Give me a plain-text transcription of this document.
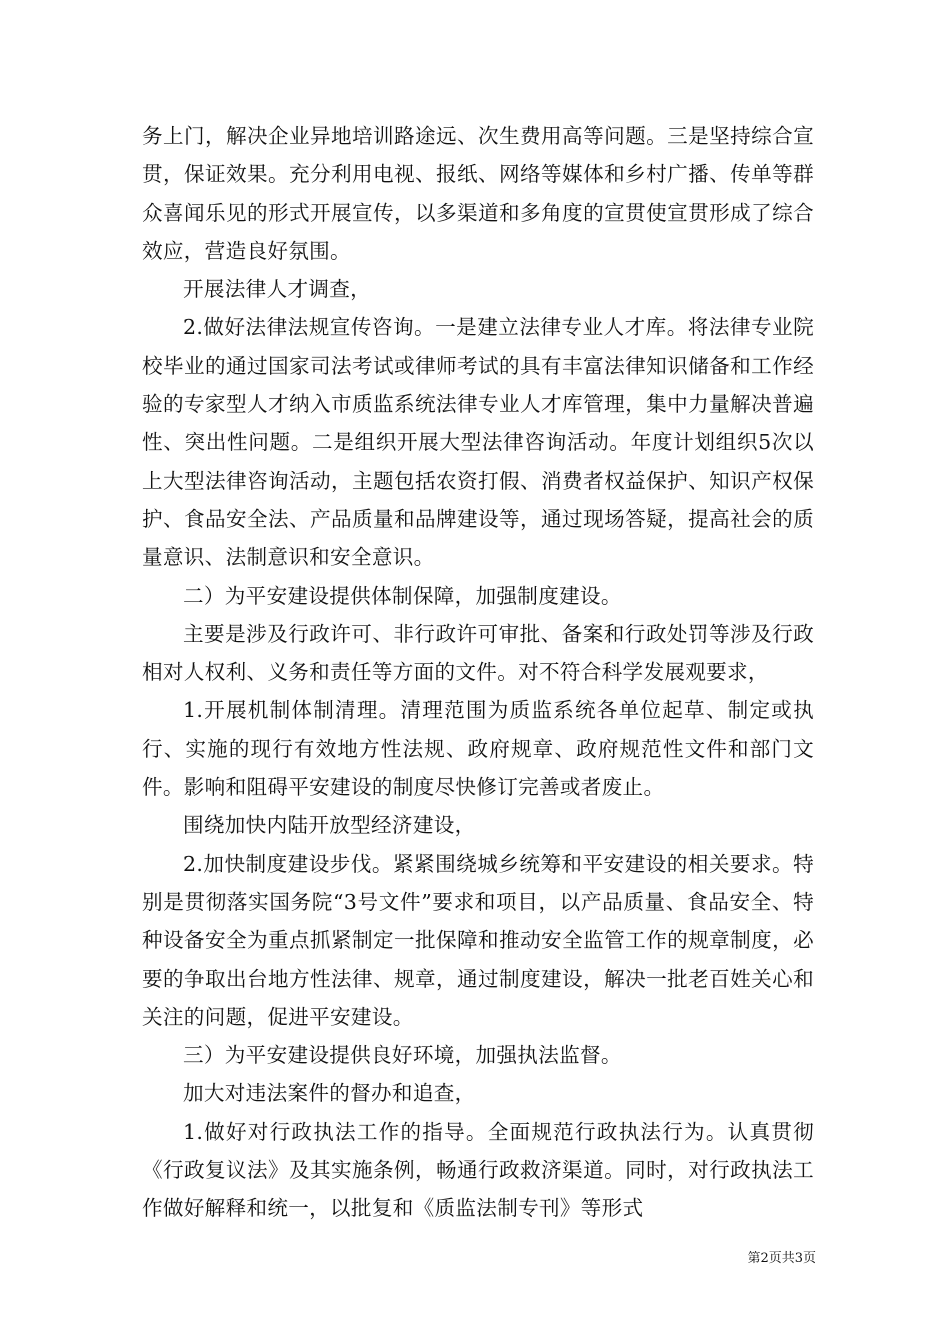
务上门，解决企业异地培训路途远、次生费用高等问题。三是坚持综合宣贯，保证效果。充分利用电视、报纸、网络等媒体和乡村广播、传单等群众喜闻乐见的形式开展宣传，以多渠道和多角度的宣贯使宣贯形成了综合效应，营造良好氛围。

开展法律人才调查，

2.做好法律法规宣传咨询。一是建立法律专业人才库。将法律专业院校毕业的通过国家司法考试或律师考试的具有丰富法律知识储备和工作经验的专家型人才纳入市质监系统法律专业人才库管理，集中力量解决普遍性、突出性问题。二是组织开展大型法律咨询活动。年度计划组织5次以上大型法律咨询活动，主题包括农资打假、消费者权益保护、知识产权保护、食品安全法、产品质量和品牌建设等，通过现场答疑，提高社会的质量意识、法制意识和安全意识。

二）为平安建设提供体制保障，加强制度建设。

主要是涉及行政许可、非行政许可审批、备案和行政处罚等涉及行政相对人权利、义务和责任等方面的文件。对不符合科学发展观要求，

1.开展机制体制清理。清理范围为质监系统各单位起草、制定或执行、实施的现行有效地方性法规、政府规章、政府规范性文件和部门文件。影响和阻碍平安建设的制度尽快修订完善或者废止。

围绕加快内陆开放型经济建设，

2.加快制度建设步伐。紧紧围绕城乡统筹和平安建设的相关要求。特别是贯彻落实国务院“3号文件”要求和项目，以产品质量、食品安全、特种设备安全为重点抓紧制定一批保障和推动安全监管工作的规章制度，必要的争取出台地方性法律、规章，通过制度建设，解决一批老百姓关心和关注的问题，促进平安建设。

三）为平安建设提供良好环境，加强执法监督。

加大对违法案件的督办和追查，

1.做好对行政执法工作的指导。全面规范行政执法行为。认真贯彻《行政复议法》及其实施条例，畅通行政救济渠道。同时，对行政执法工作做好解释和统一，以批复和《质监法制专刊》等形式

第2页共3页
